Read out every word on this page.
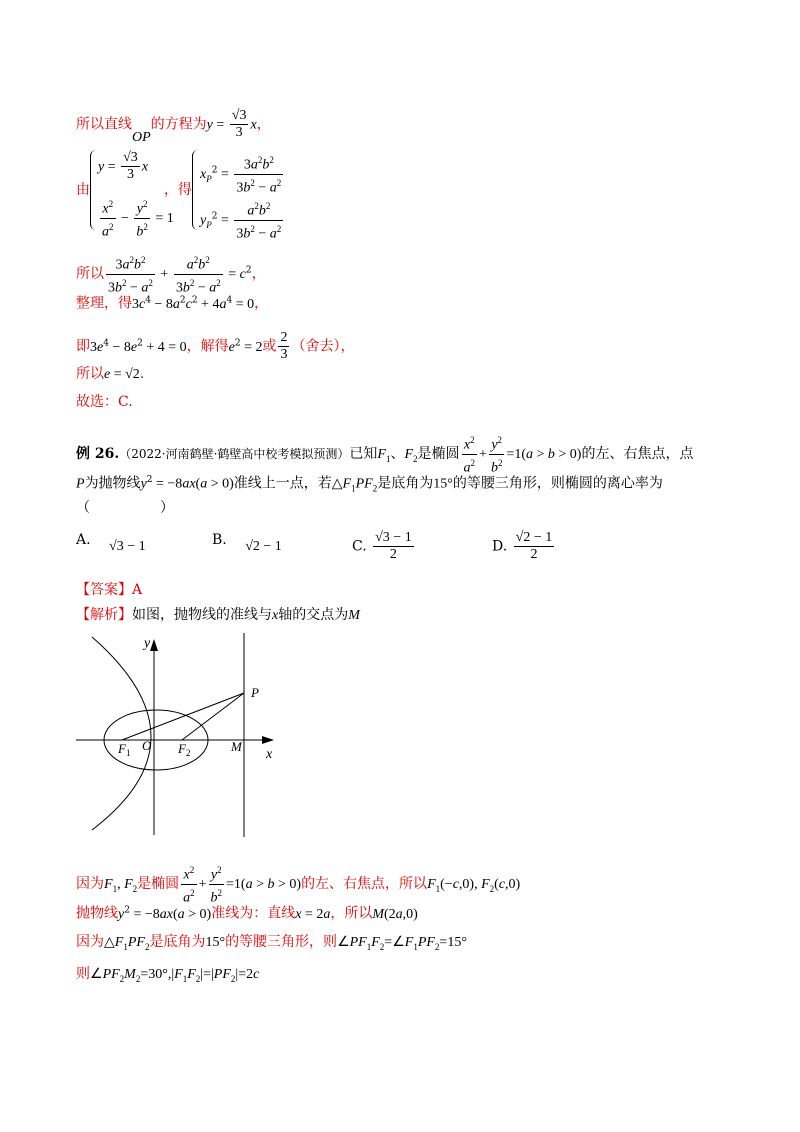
所以直线OP的方程为$y = \frac{√3}{3}$ x，
由
$y = \frac{√3}{3}$ x
$\frac{x^2}{a^2} - \frac{y^2}{b^2} = 1$
，得
$x_P^2 = \frac{3a^2b^2}{3b^2 - a^2}$
$y_P^2 = \frac{a^2b^2}{3b^2 - a^2}$
所以 $\frac{3a^2b^2}{3b^2 - a^2} + \frac{a^2b^2}{3b^2 - a^2} = c^2$，
整理，得$3c^4 - 8a^2c^2 + 4a^4 = 0$，
即$3e^4 - 8e^2 + 4 = 0$，解得$e^2 = 2$或 $\frac{2}{3}$ （舍去），
所以e = √2.
故选：C.
例 26.（2022·河南鹤壁·鹤壁高中校考模拟预测）已知$F_1$、$F_2$是椭圆 $\frac{x^2}{a^2} + \frac{y^2}{b^2} =1(a > b > 0)$的左、右焦点，点
P为抛物线$y^2 = -8ax(a > 0)$准线上一点，若$\triangle F_1PF_2$是底角为15°的等腰三角形，则椭圆的离心率为
（　　　　　）
A. √3 − 1	B. √2 − 1	C. $\frac{√3 - 1}{2}$	D. $\frac{√2 - 1}{2}$
【答案】A
【解析】如图，抛物线的准线与x轴的交点为M
y
x
O
$F_1$	$F_2$	M
P
因为$F_1$, $F_2$是椭圆 $\frac{x^2}{a^2} + \frac{y^2}{b^2} =1(a > b > 0)$的左、右焦点，所以$F_1(-c,0)$, $F_2(c,0)$
抛物线$y^2 = -8ax(a > 0)$准线为：直线x = 2a，所以M(2a,0)
因为$\triangle F_1PF_2$是底角为15°的等腰三角形，则$\angle PF_1F_2=\angle F_1PF_2=15^\circ$
则$\angle PF_2M_2=30^\circ,|F_1F_2|=|PF_2|=2c$
